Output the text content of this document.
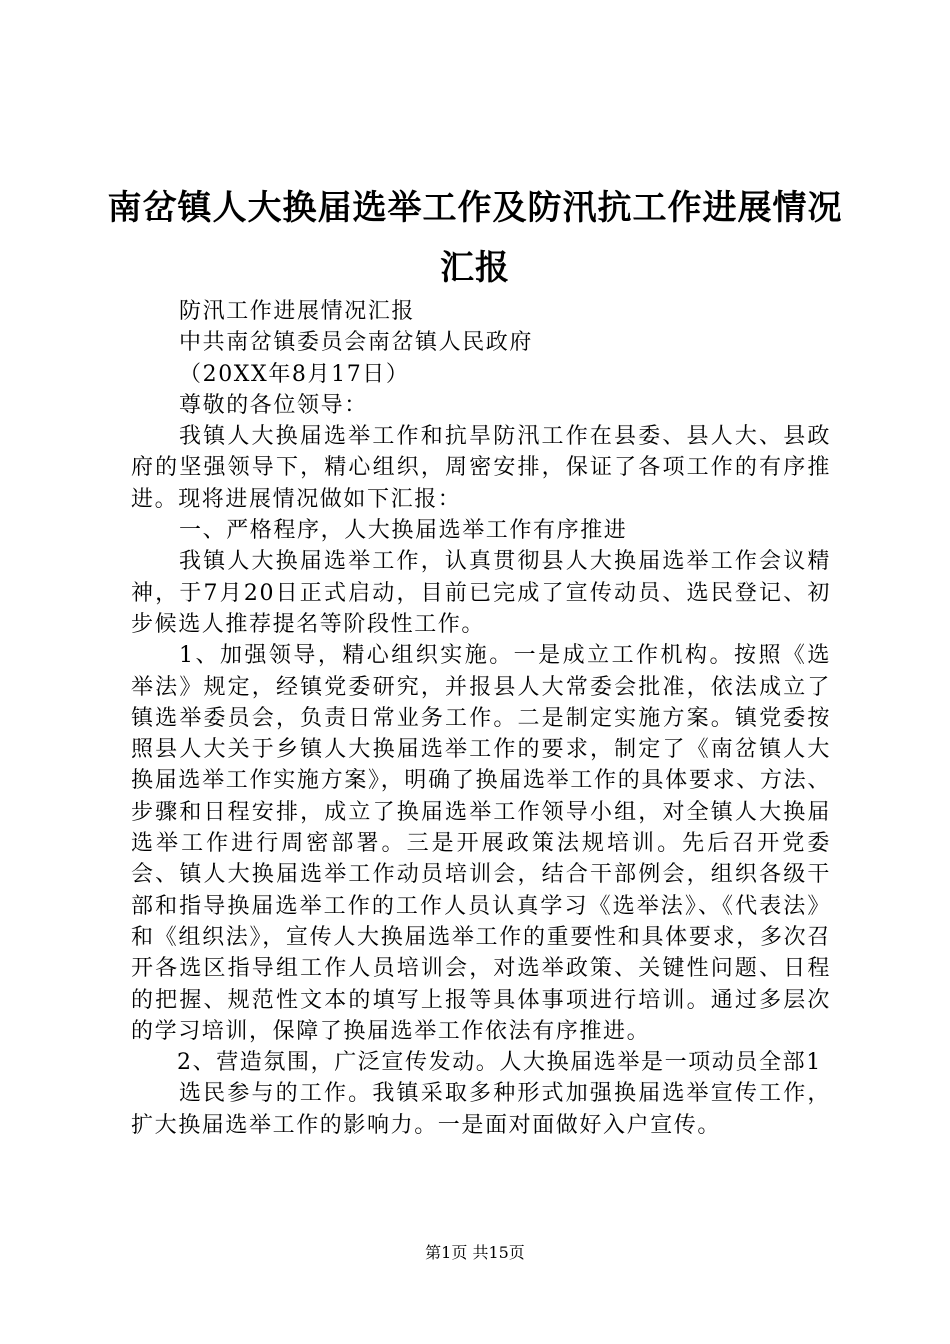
南岔镇人大换届选举工作及防汛抗工作进展情况汇报

防汛工作进展情况汇报

中共南岔镇委员会南岔镇人民政府

（20XX年8月17日）

尊敬的各位领导：

我镇人大换届选举工作和抗旱防汛工作在县委、县人大、县政府的坚强领导下，精心组织，周密安排，保证了各项工作的有序推进。现将进展情况做如下汇报：

一、严格程序，人大换届选举工作有序推进

我镇人大换届选举工作，认真贯彻县人大换届选举工作会议精神，于7月20日正式启动，目前已完成了宣传动员、选民登记、初步候选人推荐提名等阶段性工作。

1、加强领导，精心组织实施。一是成立工作机构。按照《选举法》规定，经镇党委研究，并报县人大常委会批准，依法成立了镇选举委员会，负责日常业务工作。二是制定实施方案。镇党委按照县人大关于乡镇人大换届选举工作的要求，制定了《南岔镇人大换届选举工作实施方案》，明确了换届选举工作的具体要求、方法、步骤和日程安排，成立了换届选举工作领导小组，对全镇人大换届选举工作进行周密部署。三是开展政策法规培训。先后召开党委会、镇人大换届选举工作动员培训会，结合干部例会，组织各级干部和指导换届选举工作的工作人员认真学习《选举法》、《代表法》和《组织法》，宣传人大换届选举工作的重要性和具体要求，多次召开各选区指导组工作人员培训会，对选举政策、关键性问题、日程的把握、规范性文本的填写上报等具体事项进行培训。通过多层次的学习培训，保障了换届选举工作依法有序推进。

2、营造氛围，广泛宣传发动。人大换届选举是一项动员全部1

选民参与的工作。我镇采取多种形式加强换届选举宣传工作，扩大换届选举工作的影响力。一是面对面做好入户宣传。

第1页 共15页
